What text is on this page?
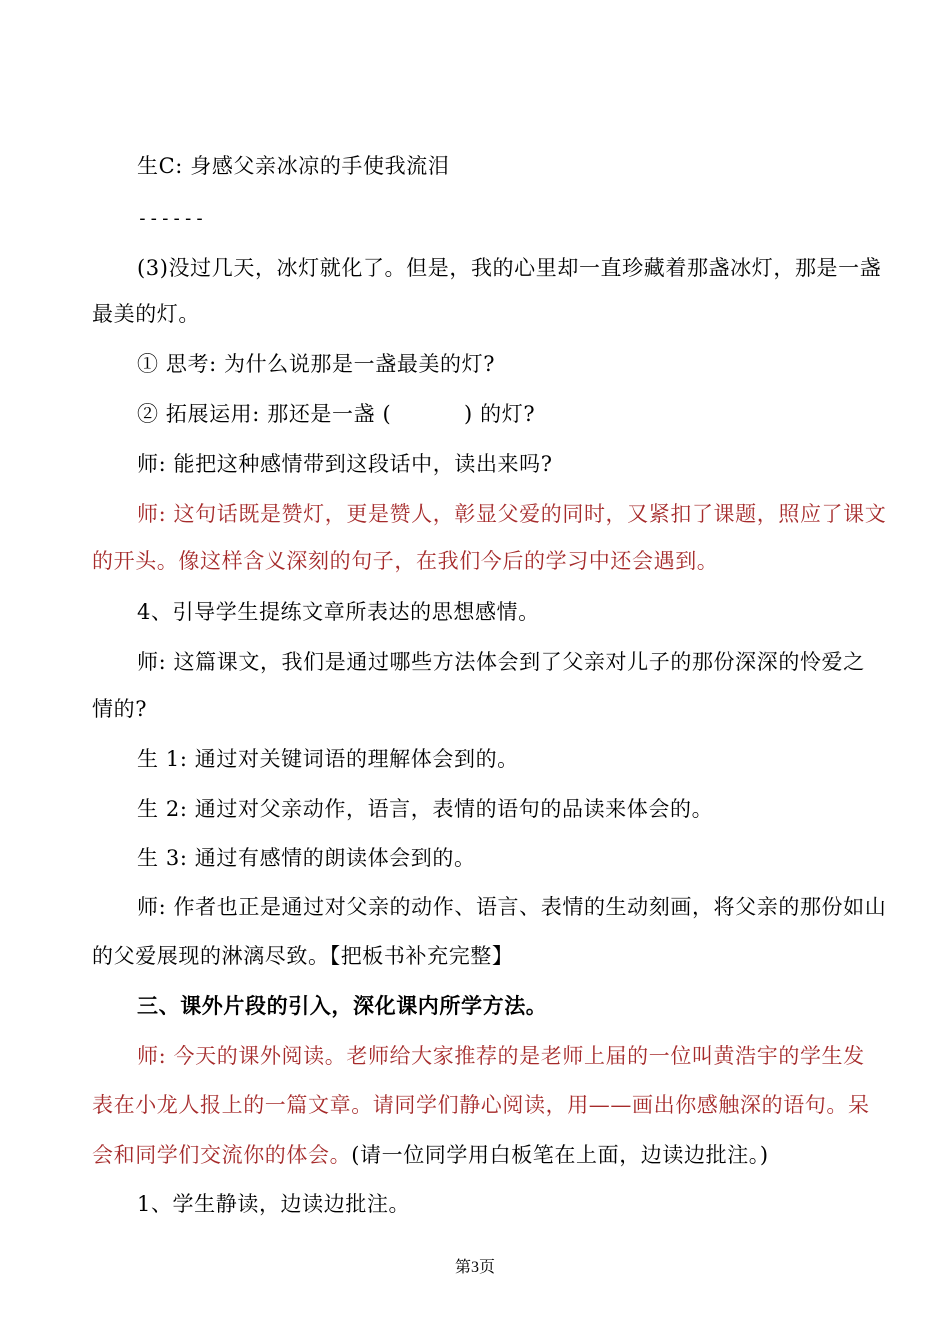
生C: 身感父亲冰凉的手使我流泪
------
(3)没过几天，冰灯就化了。但是，我的心里却一直珍藏着那盏冰灯，那是一盏
最美的灯。
① 思考: 为什么说那是一盏最美的灯?
② 拓展运用: 那还是一盏 (          ) 的灯?
师: 能把这种感情带到这段话中，读出来吗?
师: 这句话既是赞灯，更是赞人，彰显父爱的同时，又紧扣了课题，照应了课文
的开头。像这样含义深刻的句子，在我们今后的学习中还会遇到。
4、引导学生提练文章所表达的思想感情。
师: 这篇课文，我们是通过哪些方法体会到了父亲对儿子的那份深深的怜爱之
情的?
生 1: 通过对关键词语的理解体会到的。
生 2: 通过对父亲动作，语言，表情的语句的品读来体会的。
生 3: 通过有感情的朗读体会到的。
师: 作者也正是通过对父亲的动作、语言、表情的生动刻画，将父亲的那份如山
的父爱展现的淋漓尽致。【把板书补充完整】
三、课外片段的引入，深化课内所学方法。
师: 今天的课外阅读。老师给大家推荐的是老师上届的一位叫黄浩宇的学生发
表在小龙人报上的一篇文章。请同学们静心阅读，用——画出你感触深的语句。呆
会和同学们交流你的体会。(请一位同学用白板笔在上面，边读边批注。)
1、学生静读，边读边批注。
第3页
